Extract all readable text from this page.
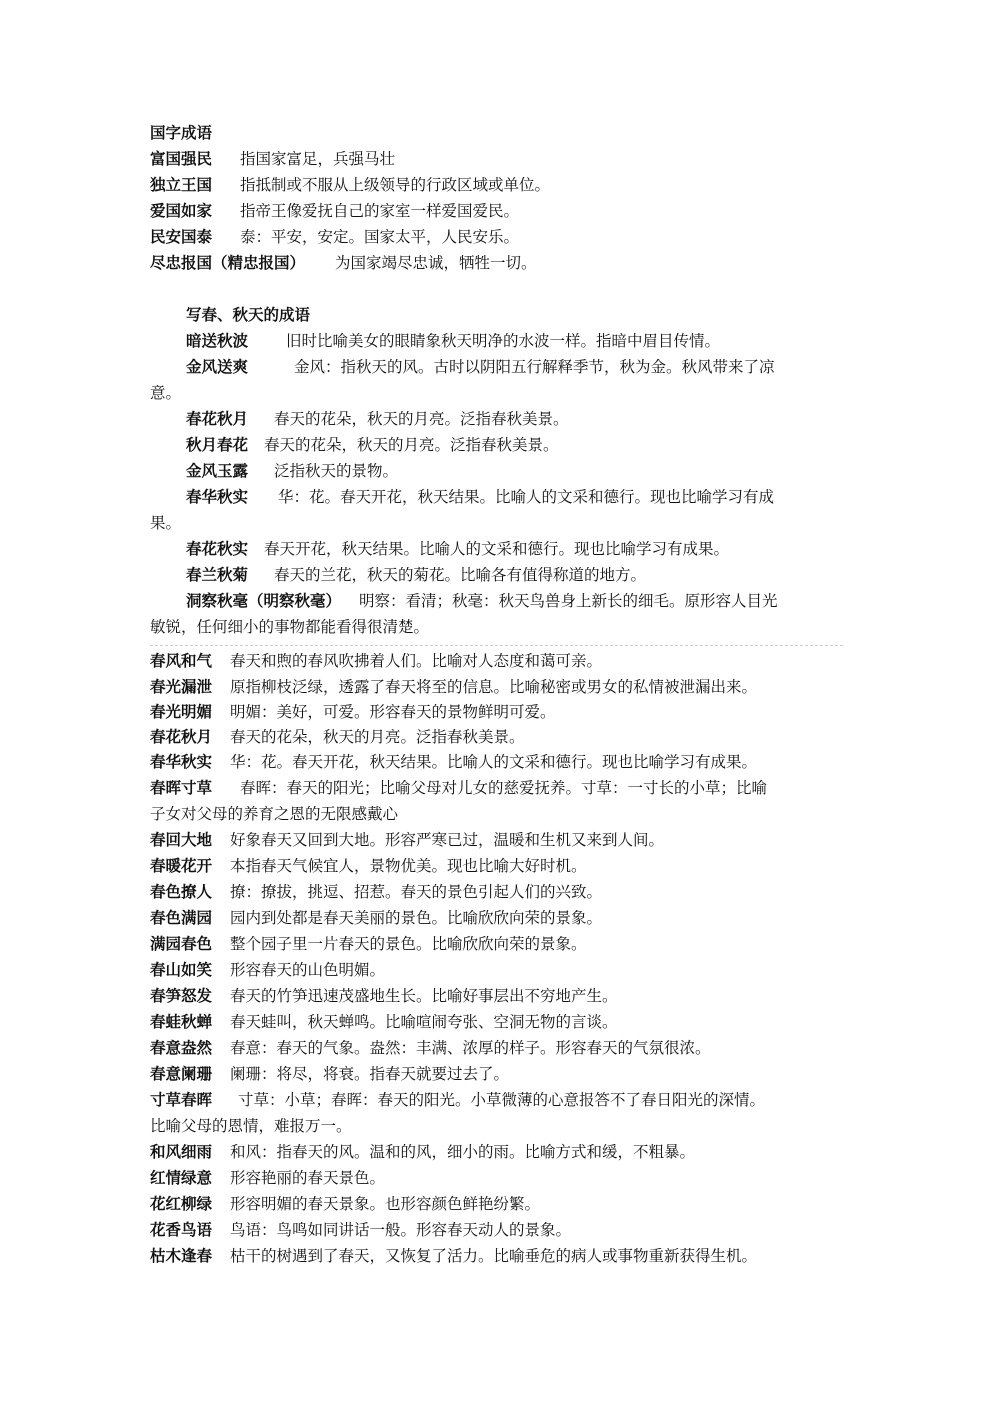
国字成语
富国强民 指国家富足，兵强马壮
独立王国 指抵制或不服从上级领导的行政区域或单位。
爱国如家 指帝王像爱抚自己的家室一样爱国爱民。
民安国泰 泰：平安，安定。国家太平，人民安乐。
尽忠报国（精忠报国） 为国家竭尽忠诚，牺牲一切。
写春、秋天的成语
暗送秋波 旧时比喻美女的眼睛象秋天明净的水波一样。指暗中眉目传情。
金风送爽	金风：指秋天的风。古时以阴阳五行解释季节，秋为金。秋风带来了凉
意。
春花秋月 春天的花朵，秋天的月亮。泛指春秋美景。
秋月春花 春天的花朵，秋天的月亮。泛指春秋美景。
金风玉露 泛指秋天的景物。
春华秋实 华：花。春天开花，秋天结果。比喻人的文采和德行。现也比喻学习有成
果。
春花秋实 春天开花，秋天结果。比喻人的文采和德行。现也比喻学习有成果。
春兰秋菊 春天的兰花，秋天的菊花。比喻各有值得称道的地方。
洞察秋毫（明察秋毫） 明察：看清；秋毫：秋天鸟兽身上新长的细毛。原形容人目光
敏锐，任何细小的事物都能看得很清楚。
春风和气 春天和煦的春风吹拂着人们。比喻对人态度和蔼可亲。
春光漏泄 原指柳枝泛绿，透露了春天将至的信息。比喻秘密或男女的私情被泄漏出来。
春光明媚 明媚：美好，可爱。形容春天的景物鲜明可爱。
春花秋月 春天的花朵，秋天的月亮。泛指春秋美景。
春华秋实 华：花。春天开花，秋天结果。比喻人的文采和德行。现也比喻学习有成果。
春晖寸草 春晖：春天的阳光；比喻父母对儿女的慈爱抚养。寸草：一寸长的小草；比喻
子女对父母的养育之恩的无限感戴心
春回大地 好象春天又回到大地。形容严寒已过，温暖和生机又来到人间。
春暖花开 本指春天气候宜人，景物优美。现也比喻大好时机。
春色撩人 撩：撩拔，挑逗、招惹。春天的景色引起人们的兴致。
春色满园 园内到处都是春天美丽的景色。比喻欣欣向荣的景象。
满园春色 整个园子里一片春天的景色。比喻欣欣向荣的景象。
春山如笑 形容春天的山色明媚。
春笋怒发 春天的竹笋迅速茂盛地生长。比喻好事层出不穷地产生。
春蛙秋蝉 春天蛙叫，秋天蝉鸣。比喻喧闹夸张、空洞无物的言谈。
春意盎然 春意：春天的气象。盎然：丰满、浓厚的样子。形容春天的气氛很浓。
春意阑珊 阑珊：将尽，将衰。指春天就要过去了。
寸草春晖 寸草：小草；春晖：春天的阳光。小草微薄的心意报答不了春日阳光的深情。
比喻父母的恩情，难报万一。
和风细雨 和风：指春天的风。温和的风，细小的雨。比喻方式和缓，不粗暴。
红情绿意 形容艳丽的春天景色。
花红柳绿 形容明媚的春天景象。也形容颜色鲜艳纷繁。
花香鸟语 鸟语：鸟鸣如同讲话一般。形容春天动人的景象。
枯木逢春 枯干的树遇到了春天，又恢复了活力。比喻垂危的病人或事物重新获得生机。
